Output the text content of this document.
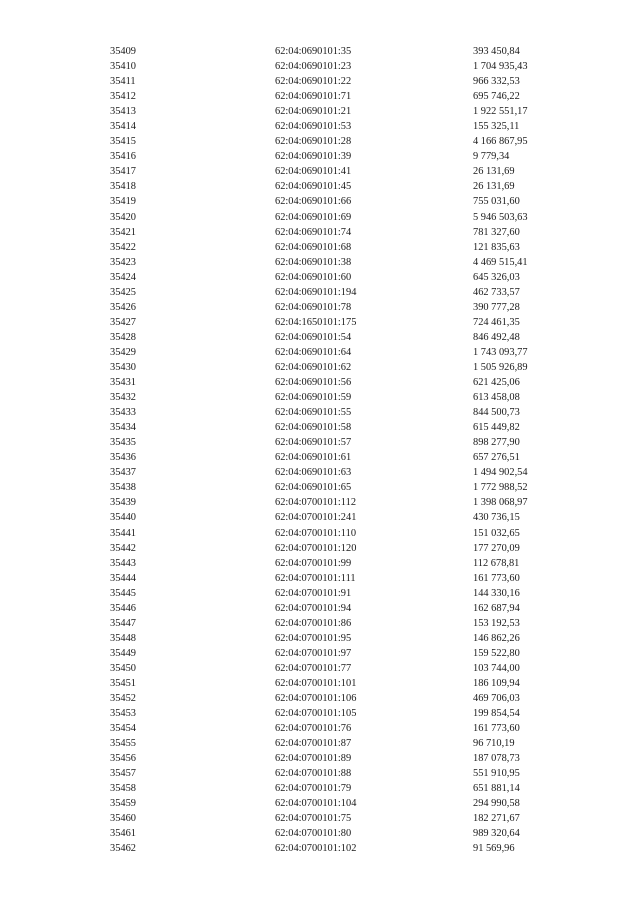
35409	62:04:0690101:35	393 450,84
35410	62:04:0690101:23	1 704 935,43
35411	62:04:0690101:22	966 332,53
35412	62:04:0690101:71	695 746,22
35413	62:04:0690101:21	1 922 551,17
35414	62:04:0690101:53	155 325,11
35415	62:04:0690101:28	4 166 867,95
35416	62:04:0690101:39	9 779,34
35417	62:04:0690101:41	26 131,69
35418	62:04:0690101:45	26 131,69
35419	62:04:0690101:66	755 031,60
35420	62:04:0690101:69	5 946 503,63
35421	62:04:0690101:74	781 327,60
35422	62:04:0690101:68	121 835,63
35423	62:04:0690101:38	4 469 515,41
35424	62:04:0690101:60	645 326,03
35425	62:04:0690101:194	462 733,57
35426	62:04:0690101:78	390 777,28
35427	62:04:1650101:175	724 461,35
35428	62:04:0690101:54	846 492,48
35429	62:04:0690101:64	1 743 093,77
35430	62:04:0690101:62	1 505 926,89
35431	62:04:0690101:56	621 425,06
35432	62:04:0690101:59	613 458,08
35433	62:04:0690101:55	844 500,73
35434	62:04:0690101:58	615 449,82
35435	62:04:0690101:57	898 277,90
35436	62:04:0690101:61	657 276,51
35437	62:04:0690101:63	1 494 902,54
35438	62:04:0690101:65	1 772 988,52
35439	62:04:0700101:112	1 398 068,97
35440	62:04:0700101:241	430 736,15
35441	62:04:0700101:110	151 032,65
35442	62:04:0700101:120	177 270,09
35443	62:04:0700101:99	112 678,81
35444	62:04:0700101:111	161 773,60
35445	62:04:0700101:91	144 330,16
35446	62:04:0700101:94	162 687,94
35447	62:04:0700101:86	153 192,53
35448	62:04:0700101:95	146 862,26
35449	62:04:0700101:97	159 522,80
35450	62:04:0700101:77	103 744,00
35451	62:04:0700101:101	186 109,94
35452	62:04:0700101:106	469 706,03
35453	62:04:0700101:105	199 854,54
35454	62:04:0700101:76	161 773,60
35455	62:04:0700101:87	96 710,19
35456	62:04:0700101:89	187 078,73
35457	62:04:0700101:88	551 910,95
35458	62:04:0700101:79	651 881,14
35459	62:04:0700101:104	294 990,58
35460	62:04:0700101:75	182 271,67
35461	62:04:0700101:80	989 320,64
35462	62:04:0700101:102	91 569,96
